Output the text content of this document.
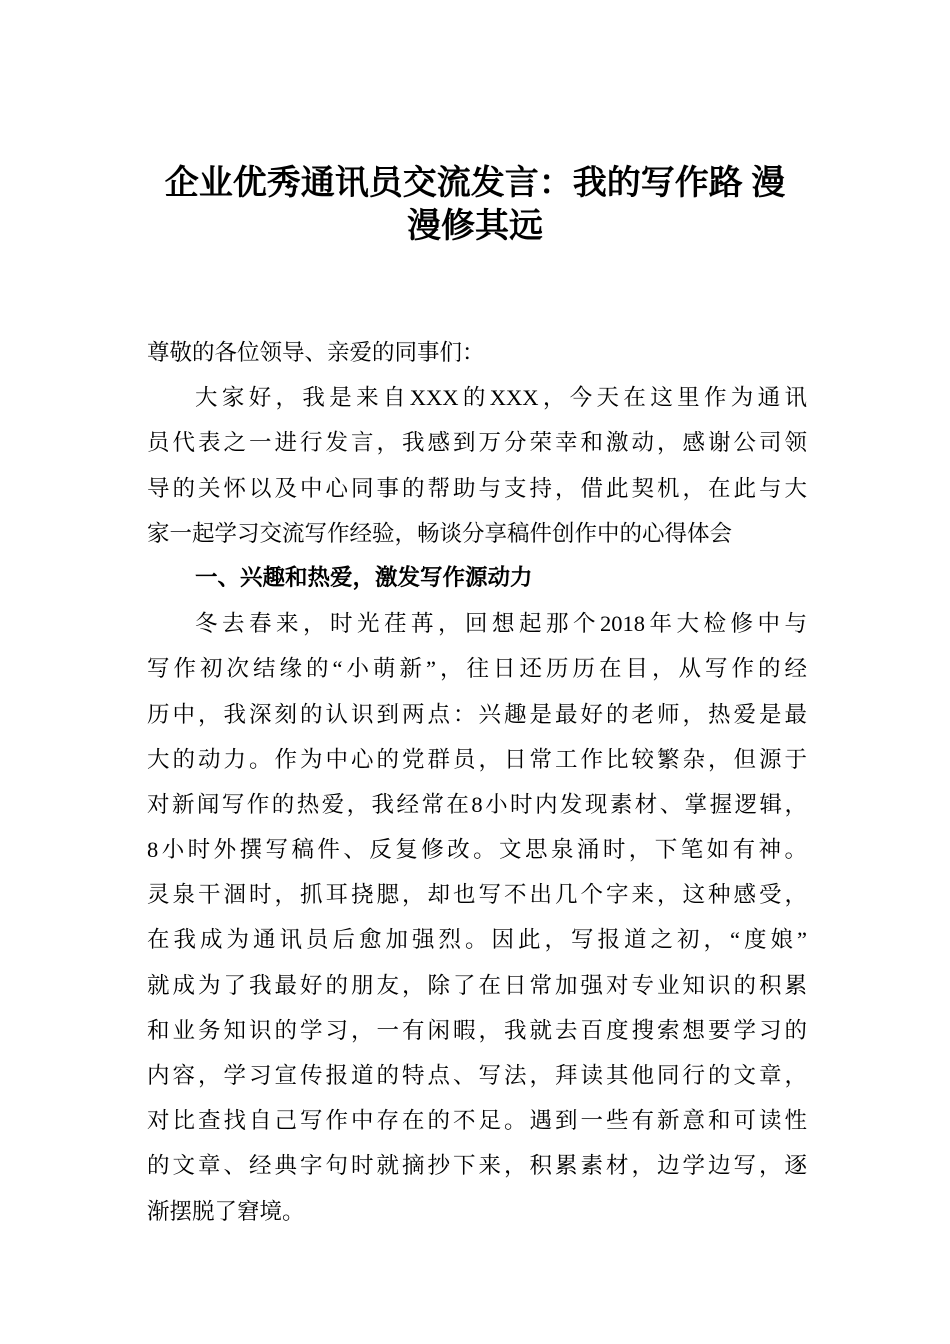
企业优秀通讯员交流发言：我的写作路 漫
漫修其远
尊敬的各位领导、亲爱的同事们：
大家好，我是来自XXX的XXX，今天在这里作为通讯
员代表之一进行发言，我感到万分荣幸和激动，感谢公司领
导的关怀以及中心同事的帮助与支持，借此契机，在此与大
家一起学习交流写作经验，畅谈分享稿件创作中的心得体会
一、兴趣和热爱，激发写作源动力
冬去春来，时光荏苒，回想起那个2018年大检修中与
写作初次结缘的“小萌新”，往日还历历在目，从写作的经
历中，我深刻的认识到两点：兴趣是最好的老师，热爱是最
大的动力。作为中心的党群员，日常工作比较繁杂，但源于
对新闻写作的热爱，我经常在8小时内发现素材、掌握逻辑，
8小时外撰写稿件、反复修改。文思泉涌时，下笔如有神。
灵泉干涸时，抓耳挠腮，却也写不出几个字来，这种感受，
在我成为通讯员后愈加强烈。因此，写报道之初，“度娘”
就成为了我最好的朋友，除了在日常加强对专业知识的积累
和业务知识的学习，一有闲暇，我就去百度搜索想要学习的
内容，学习宣传报道的特点、写法，拜读其他同行的文章，
对比查找自己写作中存在的不足。遇到一些有新意和可读性
的文章、经典字句时就摘抄下来，积累素材，边学边写，逐
渐摆脱了窘境。
